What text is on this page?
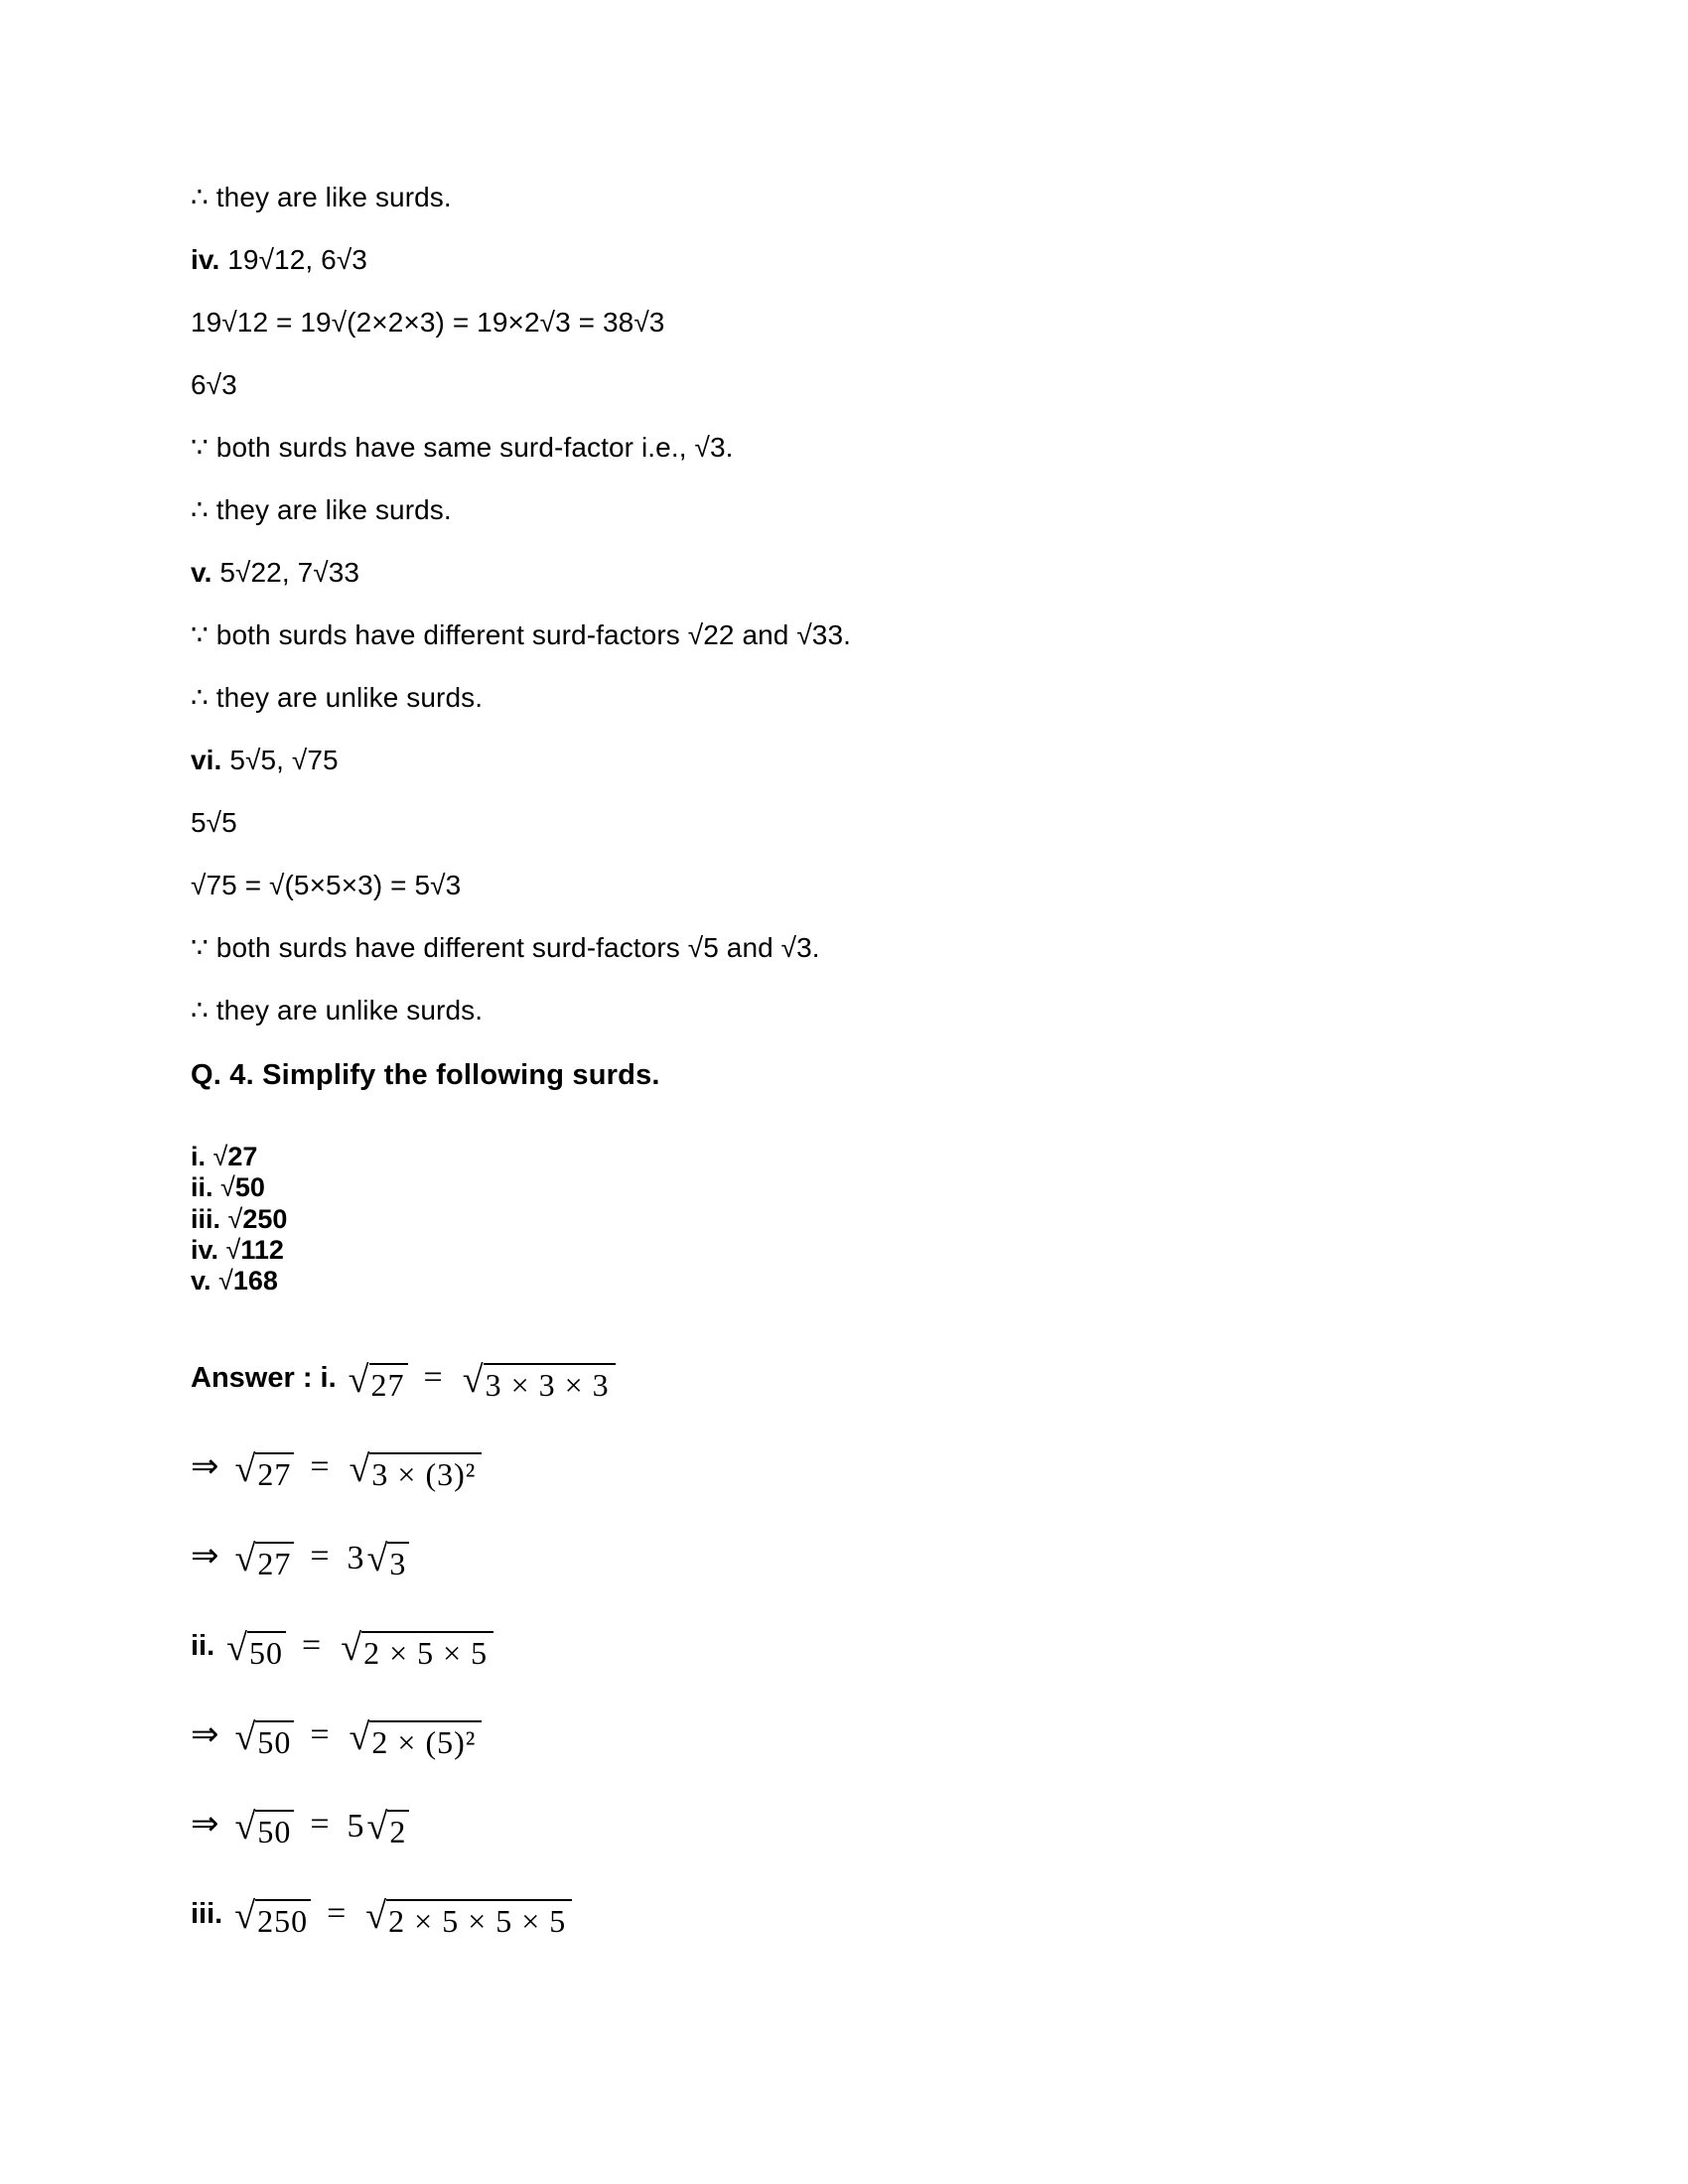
∴ they are like surds.

iv. 19√12, 6√3

19√12 = 19√(2×2×3) = 19×2√3 = 38√3

6√3

∵ both surds have same surd-factor i.e., √3.

∴ they are like surds.

v. 5√22, 7√33

∵ both surds have different surd-factors √22 and √33.

∴ they are unlike surds.

vi. 5√5, √75

5√5

√75 = √(5×5×3) = 5√3

∵ both surds have different surd-factors √5 and √3.

∴ they are unlike surds.

Q. 4. Simplify the following surds.

i. √27
ii. √50
iii. √250
iv. √112
v. √168
Answer : i. √ 27 = √ 3 × 3 × 3
⇒ √ 27 = √ 3 × (3)²
⇒ √ 27 = 3 √ 3
ii. √ 50 = √ 2 × 5 × 5
⇒ √ 50 = √ 2 × (5)²
⇒ √ 50 = 5 √ 2
iii. √ 250 = √ 2 × 5 × 5 × 5
